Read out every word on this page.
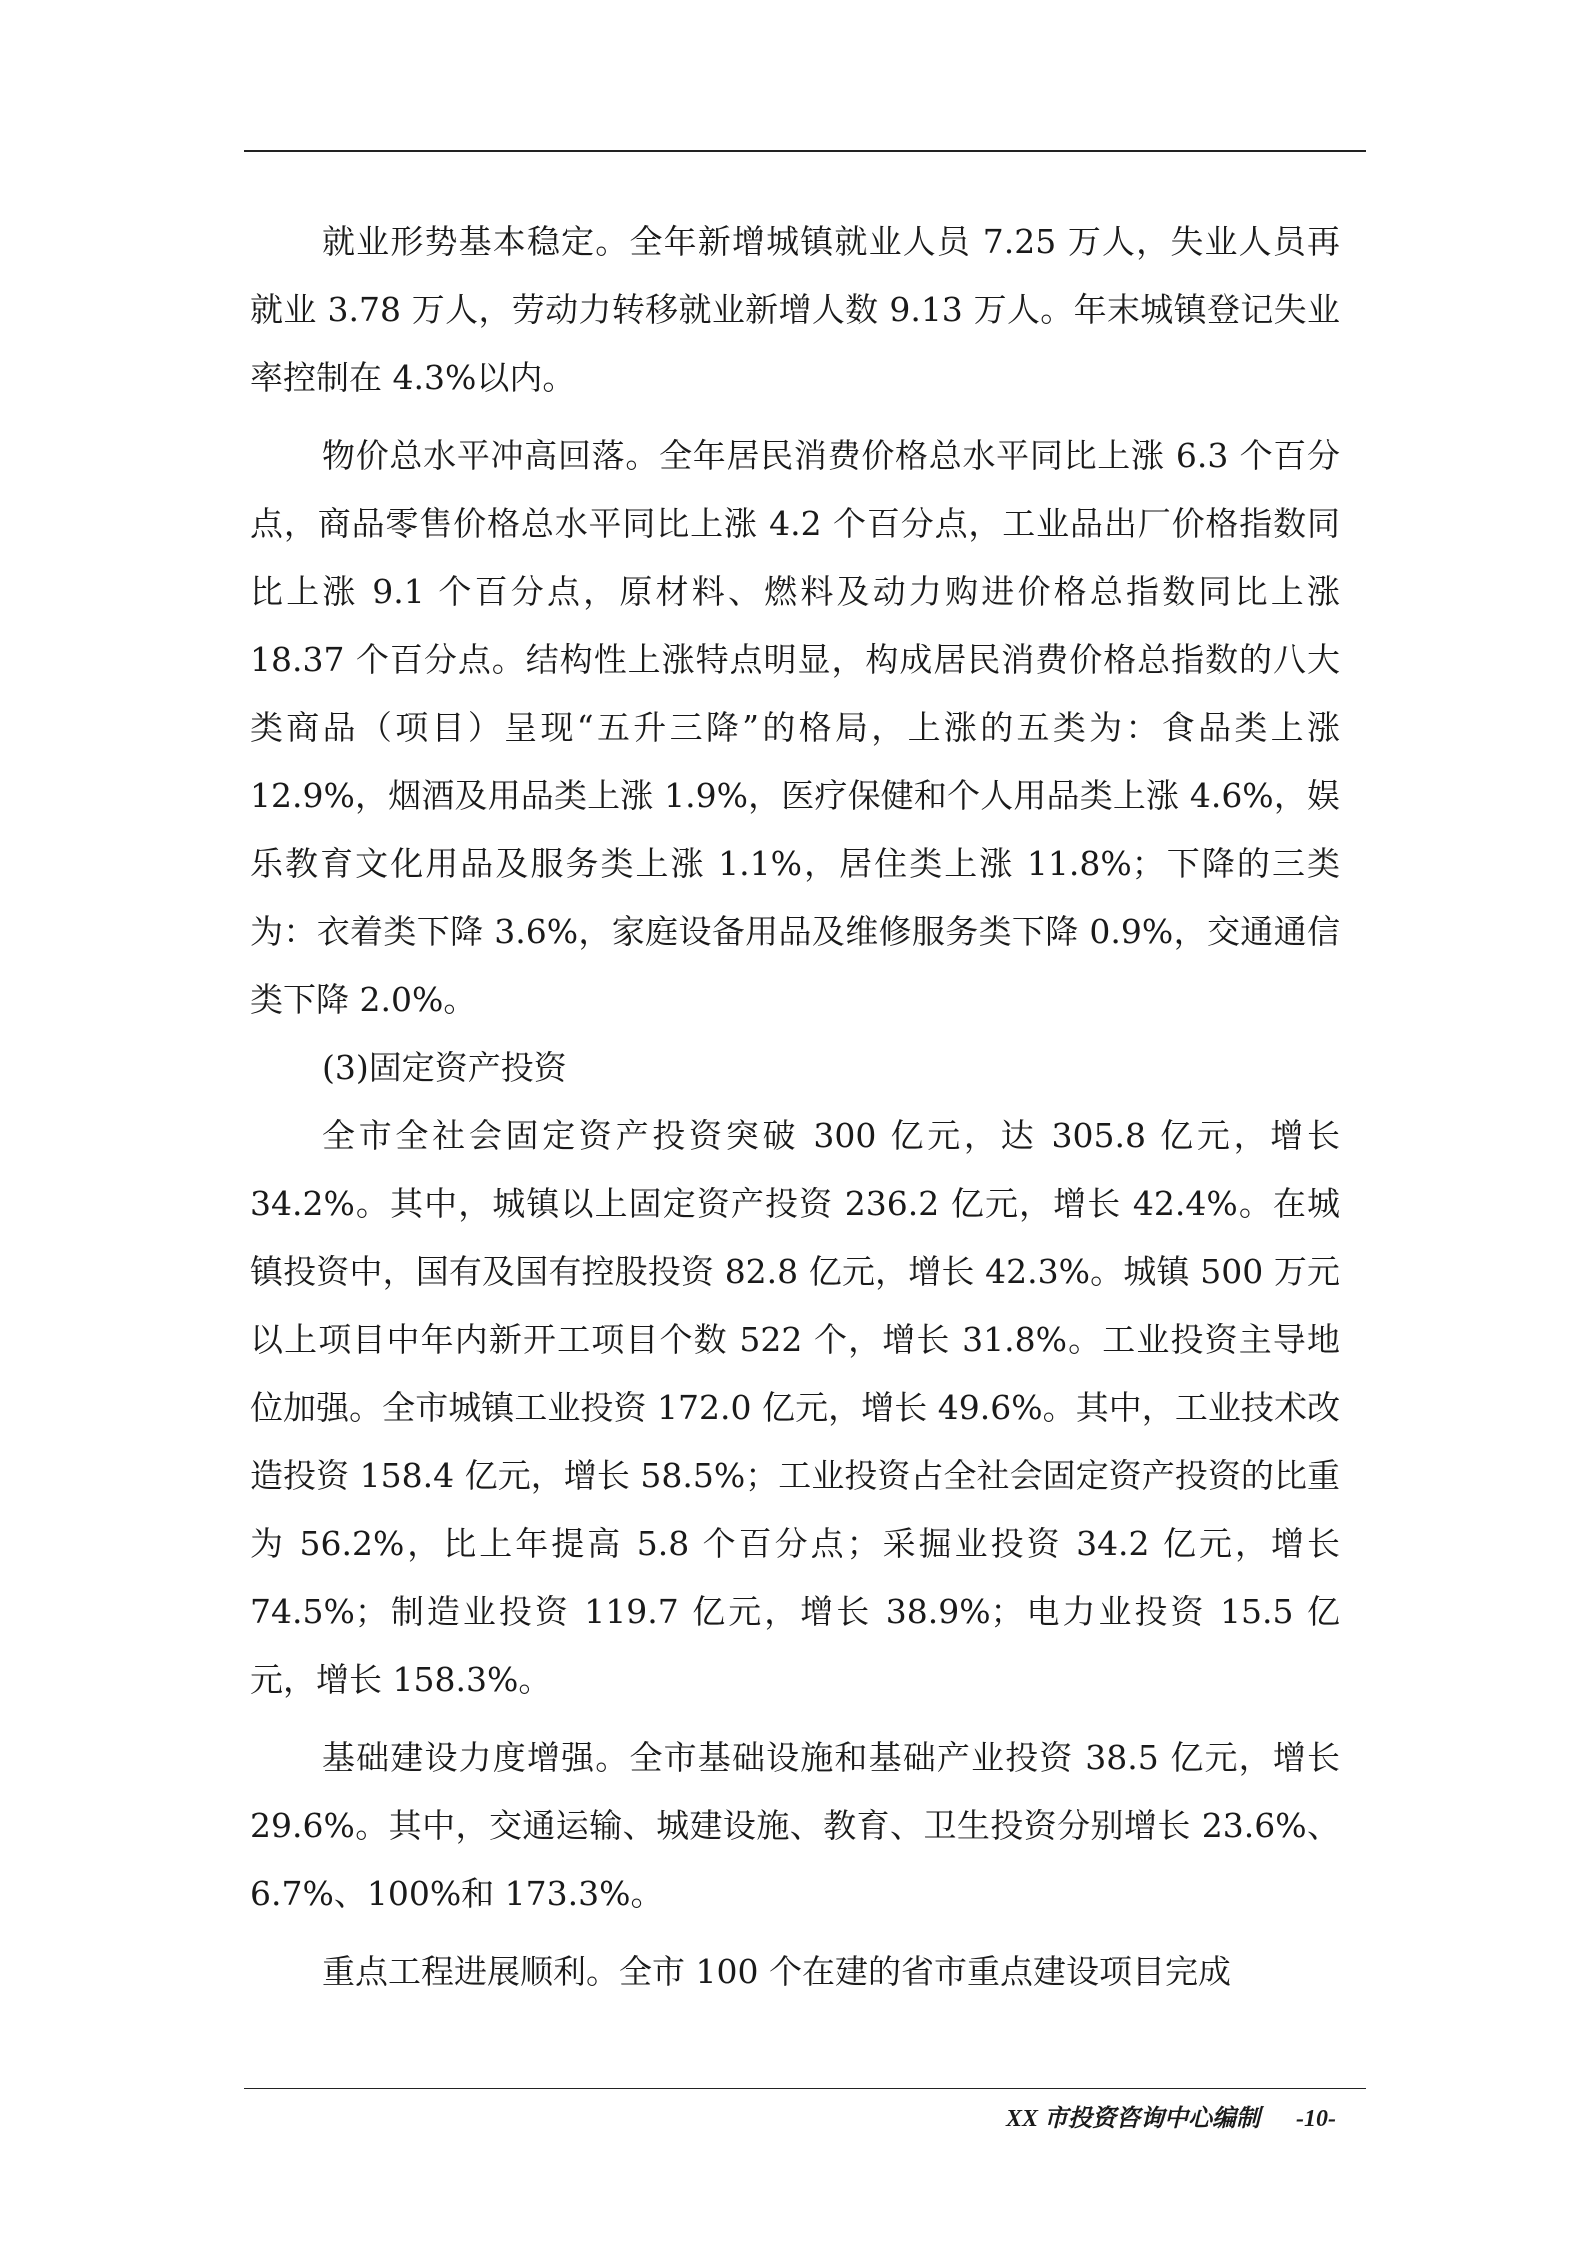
就业形势基本稳定。全年新增城镇就业人员 7.25 万人，失业人员再就业 3.78 万人，劳动力转移就业新增人数 9.13 万人。年末城镇登记失业率控制在 4.3%以内。

物价总水平冲高回落。全年居民消费价格总水平同比上涨 6.3 个百分点，商品零售价格总水平同比上涨 4.2 个百分点，工业品出厂价格指数同比上涨 9.1 个百分点，原材料、燃料及动力购进价格总指数同比上涨 18.37 个百分点。结构性上涨特点明显，构成居民消费价格总指数的八大类商品（项目）呈现“五升三降”的格局，上涨的五类为：食品类上涨 12.9%，烟酒及用品类上涨 1.9%，医疗保健和个人用品类上涨 4.6%，娱乐教育文化用品及服务类上涨 1.1%，居住类上涨 11.8%；下降的三类为：衣着类下降 3.6%，家庭设备用品及维修服务类下降 0.9%，交通通信类下降 2.0%。

(3)固定资产投资

全市全社会固定资产投资突破 300 亿元，达 305.8 亿元，增长 34.2%。其中，城镇以上固定资产投资 236.2 亿元，增长 42.4%。在城镇投资中，国有及国有控股投资 82.8 亿元，增长 42.3%。城镇 500 万元以上项目中年内新开工项目个数 522 个，增长 31.8%。工业投资主导地位加强。全市城镇工业投资 172.0 亿元，增长 49.6%。其中，工业技术改造投资 158.4 亿元，增长 58.5%；工业投资占全社会固定资产投资的比重为 56.2%，比上年提高 5.8 个百分点；采掘业投资 34.2 亿元，增长 74.5%；制造业投资 119.7 亿元，增长 38.9%；电力业投资 15.5 亿元，增长 158.3%。

基础建设力度增强。全市基础设施和基础产业投资 38.5 亿元，增长 29.6%。其中，交通运输、城建设施、教育、卫生投资分别增长 23.6%、6.7%、100%和 173.3%。

重点工程进展顺利。全市 100 个在建的省市重点建设项目完成

XX 市投资咨询中心编制 -10-
